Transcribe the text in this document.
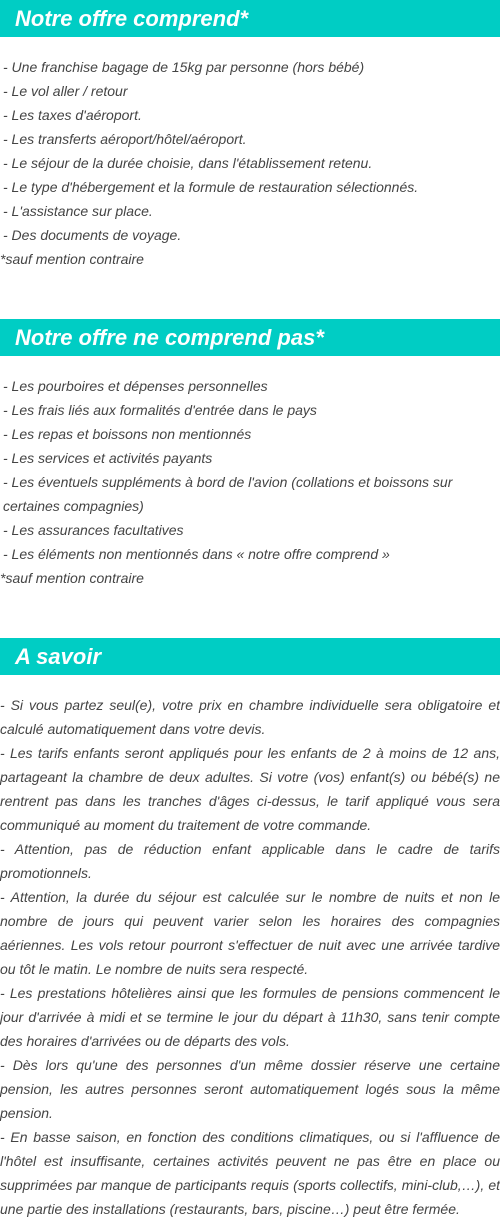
Notre offre comprend*
- Une franchise bagage de 15kg par personne (hors bébé)
- Le vol aller / retour
- Les taxes d'aéroport.
- Les transferts aéroport/hôtel/aéroport.
- Le séjour de la durée choisie, dans l'établissement retenu.
- Le type d'hébergement et la formule de restauration sélectionnés.
- L'assistance sur place.
- Des documents de voyage.
*sauf mention contraire
Notre offre ne comprend pas*
- Les pourboires et dépenses personnelles
- Les frais liés aux formalités d'entrée dans le pays
- Les repas et boissons non mentionnés
- Les services et activités payants
- Les éventuels suppléments à bord de l'avion (collations et boissons sur certaines compagnies)
- Les assurances facultatives
- Les éléments non mentionnés dans « notre offre comprend »
*sauf mention contraire
A savoir
- Si vous partez seul(e), votre prix en chambre individuelle sera obligatoire et calculé automatiquement dans votre devis.
- Les tarifs enfants seront appliqués pour les enfants de 2 à moins de 12 ans, partageant la chambre de deux adultes. Si votre (vos) enfant(s) ou bébé(s) ne rentrent pas dans les tranches d'âges ci-dessus, le tarif appliqué vous sera communiqué au moment du traitement de votre commande.
- Attention, pas de réduction enfant applicable dans le cadre de tarifs promotionnels.
- Attention, la durée du séjour est calculée sur le nombre de nuits et non le nombre de jours qui peuvent varier selon les horaires des compagnies aériennes. Les vols retour pourront s'effectuer de nuit avec une arrivée tardive ou tôt le matin. Le nombre de nuits sera respecté.
- Les prestations hôtelières ainsi que les formules de pensions commencent le jour d'arrivée à midi et se termine le jour du départ à 11h30, sans tenir compte des horaires d'arrivées ou de départs des vols.
- Dès lors qu'une des personnes d'un même dossier réserve une certaine pension, les autres personnes seront automatiquement logés sous la même pension.
- En basse saison, en fonction des conditions climatiques, ou si l'affluence de l'hôtel est insuffisante, certaines activités peuvent ne pas être en place ou supprimées par manque de participants requis (sports collectifs, mini-club,…), et une partie des installations (restaurants, bars, piscine…) peut être fermée.
